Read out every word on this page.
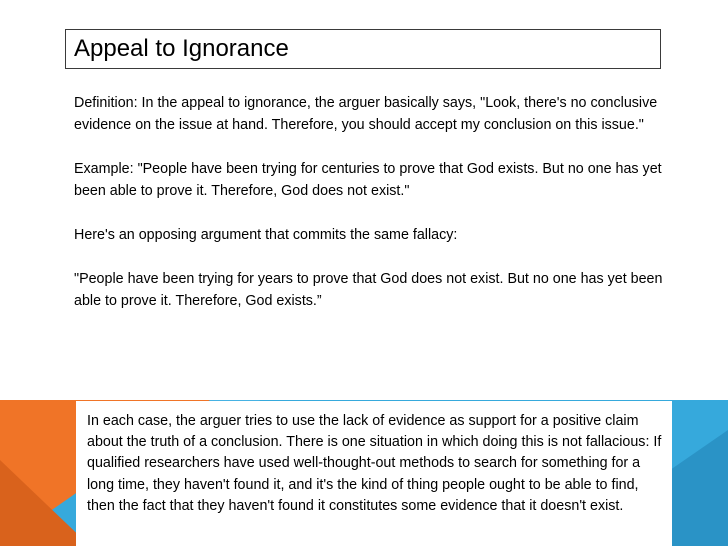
Appeal to Ignorance

Definition: In the appeal to ignorance, the arguer basically says, "Look, there's no conclusive evidence on the issue at hand. Therefore, you should accept my conclusion on this issue."

Example: "People have been trying for centuries to prove that God exists. But no one has yet been able to prove it. Therefore, God does not exist."

Here's an opposing argument that commits the same fallacy:

"People have been trying for years to prove that God does not exist. But no one has yet been able to prove it. Therefore, God exists.”

In each case, the arguer tries to use the lack of evidence as support for a positive claim about the truth of a conclusion. There is one situation in which doing this is not fallacious: If qualified researchers have used well-thought-out methods to search for something for a long time, they haven't found it, and it's the kind of thing people ought to be able to find, then the fact that they haven't found it constitutes some evidence that it doesn't exist.
